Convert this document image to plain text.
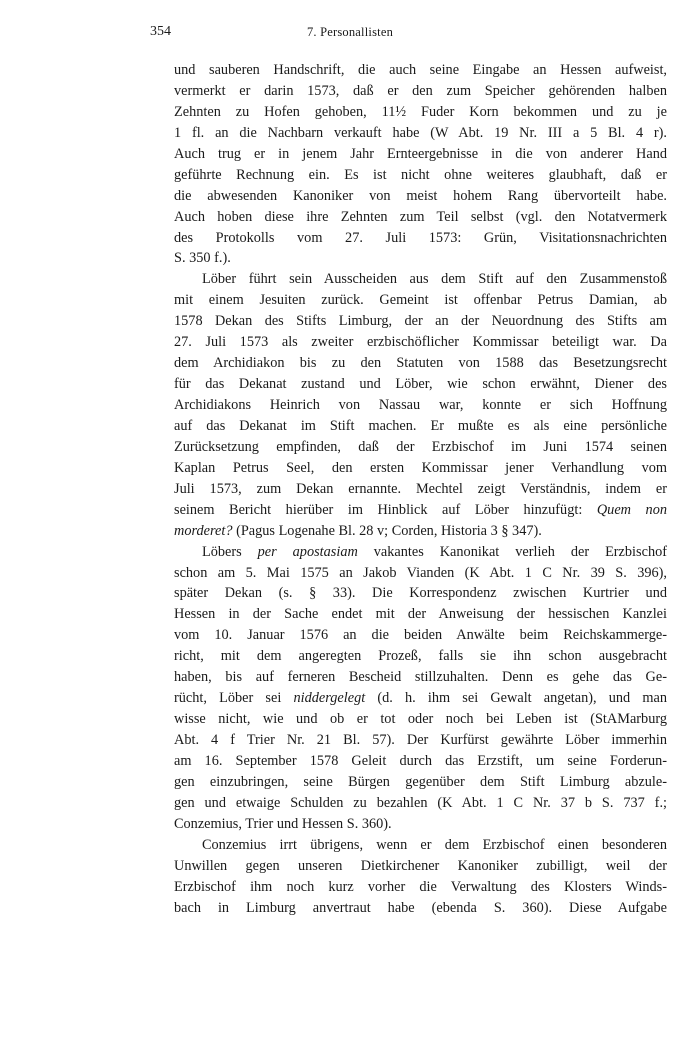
354	7. Personallisten
und sauberen Handschrift, die auch seine Eingabe an Hessen aufweist,
vermerkt er darin 1573, daß er den zum Speicher gehörenden halben
Zehnten zu Hofen gehoben, 11½ Fuder Korn bekommen und zu je
1 fl. an die Nachbarn verkauft habe (W Abt. 19 Nr. III a 5 Bl. 4 r).
Auch trug er in jenem Jahr Ernteergebnisse in die von anderer Hand
geführte Rechnung ein. Es ist nicht ohne weiteres glaubhaft, daß er
die abwesenden Kanoniker von meist hohem Rang übervorteilt habe.
Auch hoben diese ihre Zehnten zum Teil selbst (vgl. den Notatvermerk
des Protokolls vom 27. Juli 1573: Grün, Visitationsnachrichten
S. 350 f.).
Löber führt sein Ausscheiden aus dem Stift auf den Zusammenstoß
mit einem Jesuiten zurück. Gemeint ist offenbar Petrus Damian, ab
1578 Dekan des Stifts Limburg, der an der Neuordnung des Stifts am
27. Juli 1573 als zweiter erzbischöflicher Kommissar beteiligt war. Da
dem Archidiakon bis zu den Statuten von 1588 das Besetzungsrecht
für das Dekanat zustand und Löber, wie schon erwähnt, Diener des
Archidiakons Heinrich von Nassau war, konnte er sich Hoffnung
auf das Dekanat im Stift machen. Er mußte es als eine persönliche
Zurücksetzung empfinden, daß der Erzbischof im Juni 1574 seinen
Kaplan Petrus Seel, den ersten Kommissar jener Verhandlung vom
Juli 1573, zum Dekan ernannte. Mechtel zeigt Verständnis, indem er
seinem Bericht hierüber im Hinblick auf Löber hinzufügt: Quem non
morderet? (Pagus Logenahe Bl. 28 v; Corden, Historia 3 § 347).
Löbers per apostasiam vakantes Kanonikat verlieh der Erzbischof
schon am 5. Mai 1575 an Jakob Vianden (K Abt. 1 C Nr. 39 S. 396),
später Dekan (s. § 33). Die Korrespondenz zwischen Kurtrier und
Hessen in der Sache endet mit der Anweisung der hessischen Kanzlei
vom 10. Januar 1576 an die beiden Anwälte beim Reichskammerge-
richt, mit dem angeregten Prozeß, falls sie ihn schon ausgebracht
haben, bis auf ferneren Bescheid stillzuhalten. Denn es gehe das Ge-
rücht, Löber sei niddergelegt (d. h. ihm sei Gewalt angetan), und man
wisse nicht, wie und ob er tot oder noch bei Leben ist (StAMarburg
Abt. 4 f Trier Nr. 21 Bl. 57). Der Kurfürst gewährte Löber immerhin
am 16. September 1578 Geleit durch das Erzstift, um seine Forderun-
gen einzubringen, seine Bürgen gegenüber dem Stift Limburg abzule-
gen und etwaige Schulden zu bezahlen (K Abt. 1 C Nr. 37 b S. 737 f.;
Conzemius, Trier und Hessen S. 360).
Conzemius irrt übrigens, wenn er dem Erzbischof einen besonderen
Unwillen gegen unseren Dietkirchener Kanoniker zubilligt, weil der
Erzbischof ihm noch kurz vorher die Verwaltung des Klosters Winds-
bach in Limburg anvertraut habe (ebenda S. 360). Diese Aufgabe
